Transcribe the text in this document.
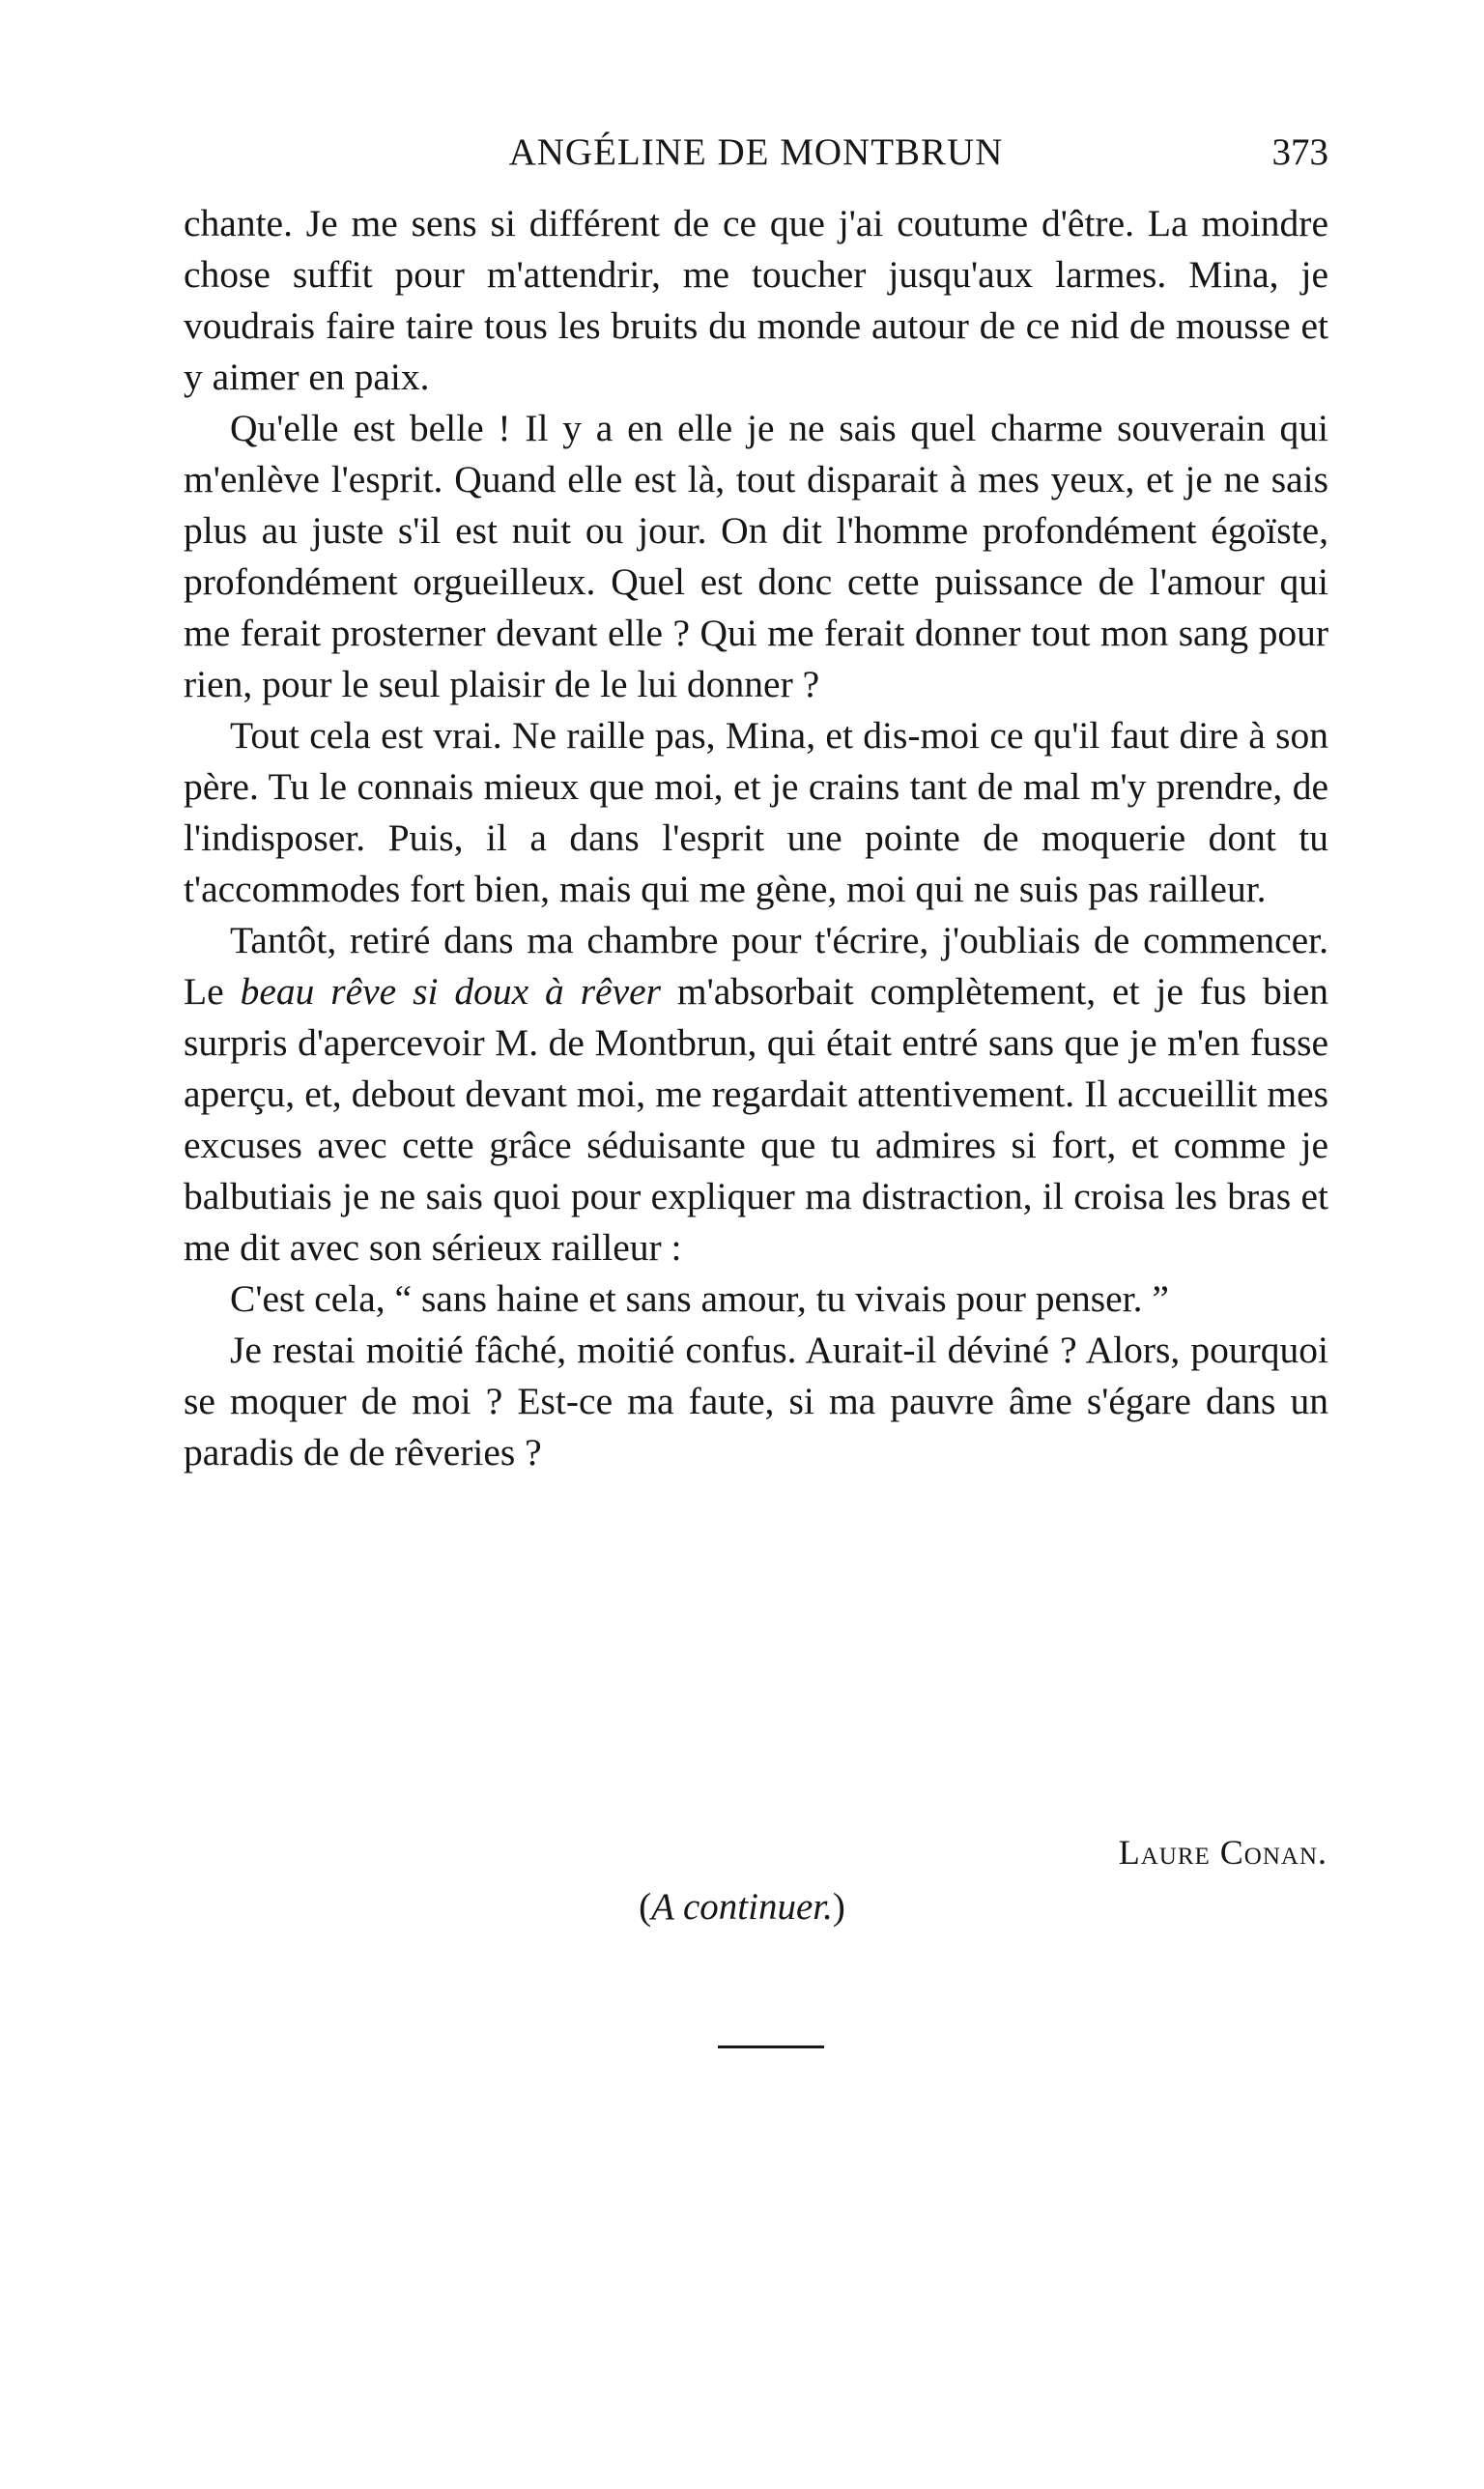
ANGÉLINE DE MONTBRUN	373

chante. Je me sens si différent de ce que j'ai coutume d'être. La moindre chose suffit pour m'attendrir, me toucher jusqu'aux larmes. Mina, je voudrais faire taire tous les bruits du monde autour de ce nid de mousse et y aimer en paix.

Qu'elle est belle ! Il y a en elle je ne sais quel charme souverain qui m'enlève l'esprit. Quand elle est là, tout disparait à mes yeux, et je ne sais plus au juste s'il est nuit ou jour. On dit l'homme profondément égoïste, profondément orgueilleux. Quel est donc cette puissance de l'amour qui me ferait prosterner devant elle ? Qui me ferait donner tout mon sang pour rien, pour le seul plaisir de le lui donner ?

Tout cela est vrai. Ne raille pas, Mina, et dis-moi ce qu'il faut dire à son père. Tu le connais mieux que moi, et je crains tant de mal m'y prendre, de l'indisposer. Puis, il a dans l'esprit une pointe de moquerie dont tu t'accommodes fort bien, mais qui me gène, moi qui ne suis pas railleur.

Tantôt, retiré dans ma chambre pour t'écrire, j'oubliais de commencer. Le beau rêve si doux à rêver m'absorbait complètement, et je fus bien surpris d'apercevoir M. de Montbrun, qui était entré sans que je m'en fusse aperçu, et, debout devant moi, me regardait attentivement. Il accueillit mes excuses avec cette grâce séduisante que tu admires si fort, et comme je balbutiais je ne sais quoi pour expliquer ma distraction, il croisa les bras et me dit avec son sérieux railleur :

C'est cela, “ sans haine et sans amour, tu vivais pour penser. ”

Je restai moitié fâché, moitié confus. Aurait-il déviné ? Alors, pourquoi se moquer de moi ? Est-ce ma faute, si ma pauvre âme s'égare dans un paradis de de rêveries ?

Laure Conan.
(A continuer.)
